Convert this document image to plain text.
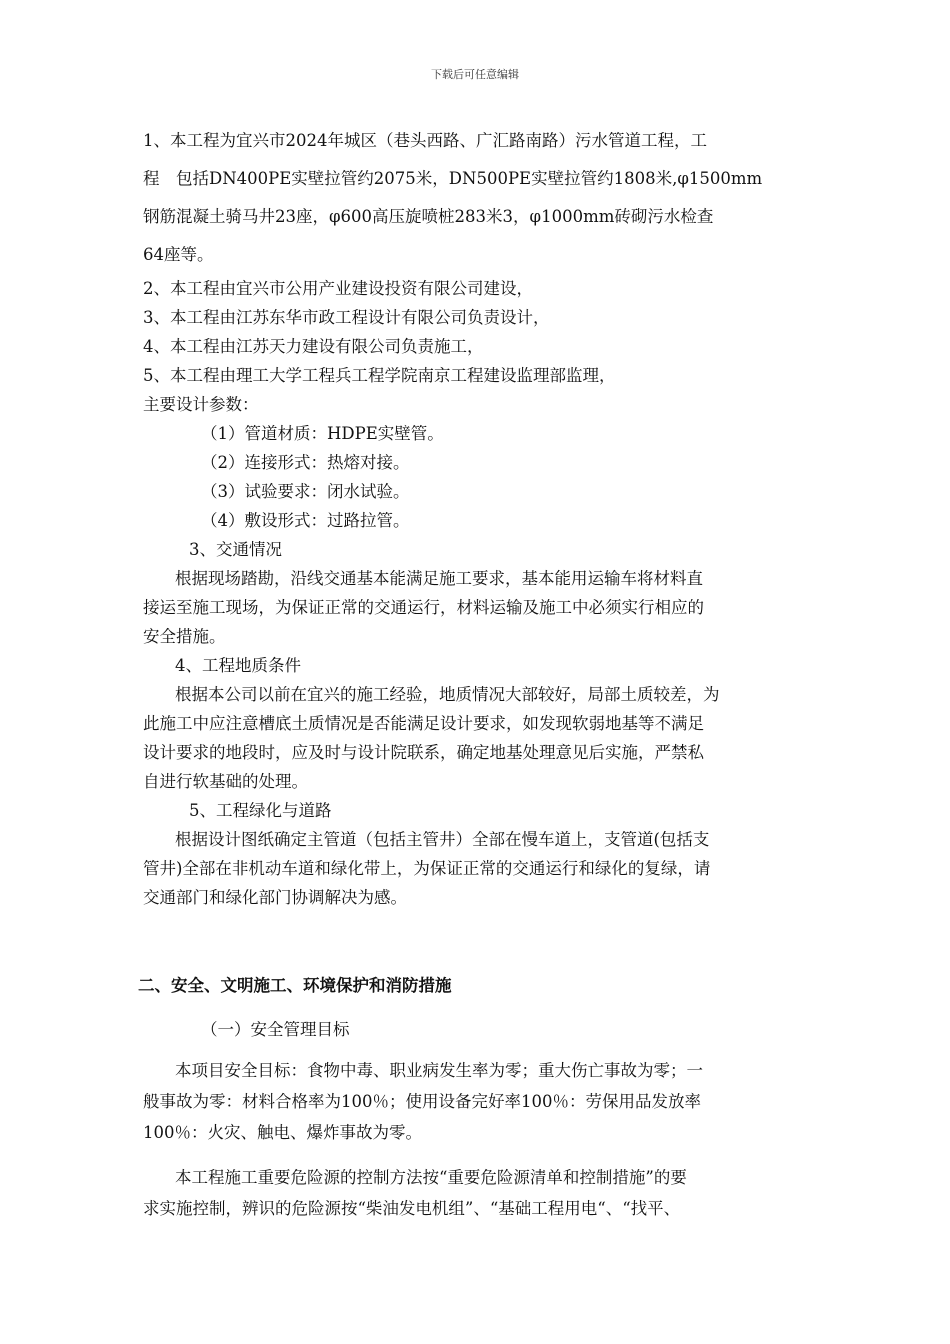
下载后可任意编辑

1、本工程为宜兴市2024年城区（巷头西路、广汇路南路）污水管道工程，工

程　包括DN400PE实壁拉管约2075米，DN500PE实壁拉管约1808米,φ1500mm

钢筋混凝土骑马井23座，φ600高压旋喷桩283米3，φ1000mm砖砌污水检查

64座等。

2、本工程由宜兴市公用产业建设投资有限公司建设，

3、本工程由江苏东华市政工程设计有限公司负责设计，

4、本工程由江苏天力建设有限公司负责施工，

5、本工程由理工大学工程兵工程学院南京工程建设监理部监理，

主要设计参数：

（1）管道材质：HDPE实壁管。

（2）连接形式：热熔对接。

（3）试验要求：闭水试验。

（4）敷设形式：过路拉管。

3、交通情况

根据现场踏勘，沿线交通基本能满足施工要求，基本能用运输车将材料直

接运至施工现场，为保证正常的交通运行，材料运输及施工中必须实行相应的

安全措施。

4、工程地质条件

根据本公司以前在宜兴的施工经验，地质情况大部较好，局部土质较差，为

此施工中应注意槽底土质情况是否能满足设计要求，如发现软弱地基等不满足

设计要求的地段时，应及时与设计院联系，确定地基处理意见后实施，严禁私

自进行软基础的处理。

5、工程绿化与道路

根据设计图纸确定主管道（包括主管井）全部在慢车道上，支管道(包括支

管井)全部在非机动车道和绿化带上，为保证正常的交通运行和绿化的复绿，请

交通部门和绿化部门协调解决为感。

二、安全、文明施工、环境保护和消防措施

（一）安全管理目标

本项目安全目标：食物中毒、职业病发生率为零；重大伤亡事故为零；一

般事故为零：材料合格率为100％；使用设备完好率100％：劳保用品发放率

100％：火灾、触电、爆炸事故为零。

本工程施工重要危险源的控制方法按“重要危险源清单和控制措施”的要

求实施控制，辨识的危险源按“柴油发电机组”、“基础工程用电“、“找平、
